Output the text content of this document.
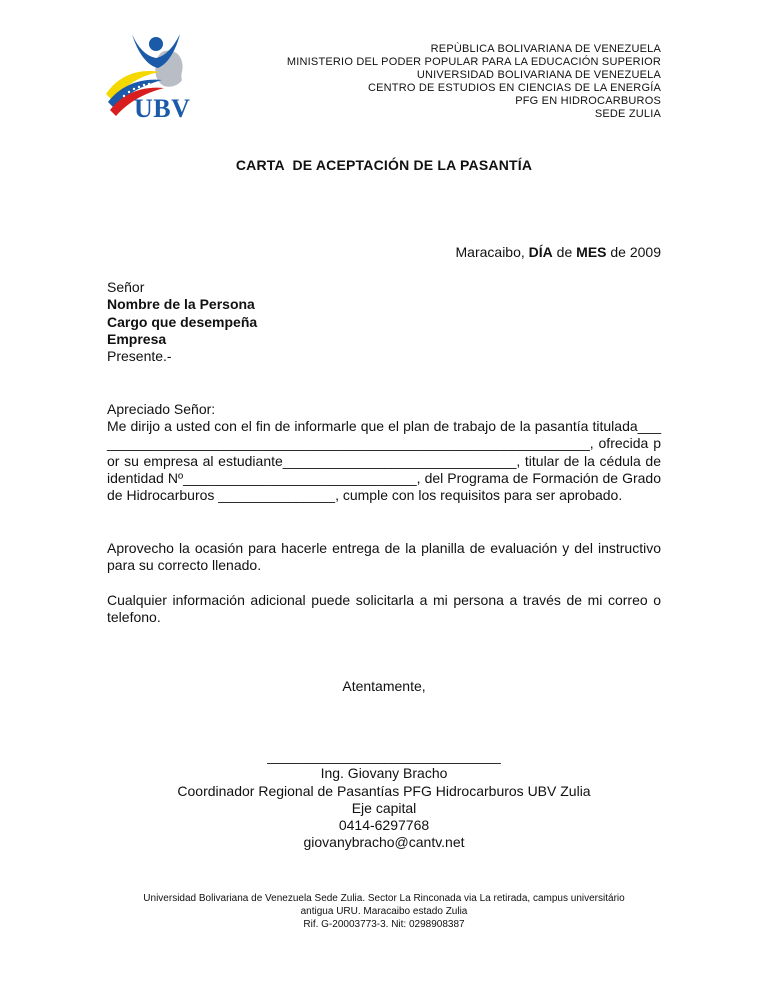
UBV
REPÙBLICA BOLIVARIANA DE VENEZUELA
MINISTERIO DEL PODER POPULAR PARA LA EDUCACIÓN SUPERIOR
UNIVERSIDAD BOLIVARIANA DE VENEZUELA
CENTRO DE ESTUDIOS EN CIENCIAS DE LA ENERGÍA
PFG EN HIDROCARBUROS
SEDE ZULIA
CARTA  DE ACEPTACIÓN DE LA PASANTÍA
Maracaibo, DÍA de MES de 2009
Señor
Nombre de la Persona
Cargo que desempeña
Empresa
Presente.-
Apreciado Señor:
Me dirijo a usted con el fin de informarle que el plan de trabajo de la pasantía titulada_________________________________________________________________, ofrecida por su empresa al estudiante______________________________, titular de la cédula de identidad Nº______________________________, del Programa de Formación de Grado de Hidrocarburos _______________, cumple con los requisitos para ser aprobado.
Aprovecho la ocasión para hacerle entrega de la planilla de evaluación y del instructivo para su correcto llenado.
Cualquier información adicional puede solicitarla a mi persona a través de mi correo o telefono.
Atentamente,
______________________________
Ing. Giovany Bracho
Coordinador Regional de Pasantías PFG Hidrocarburos UBV Zulia
Eje capital
0414-6297768
giovanybracho@cantv.net
Universidad Bolivariana de Venezuela Sede Zulia. Sector La Rinconada via La retirada, campus universitário
antigua URU. Maracaibo estado Zulia
Rif. G-20003773-3. Nit: 0298908387
